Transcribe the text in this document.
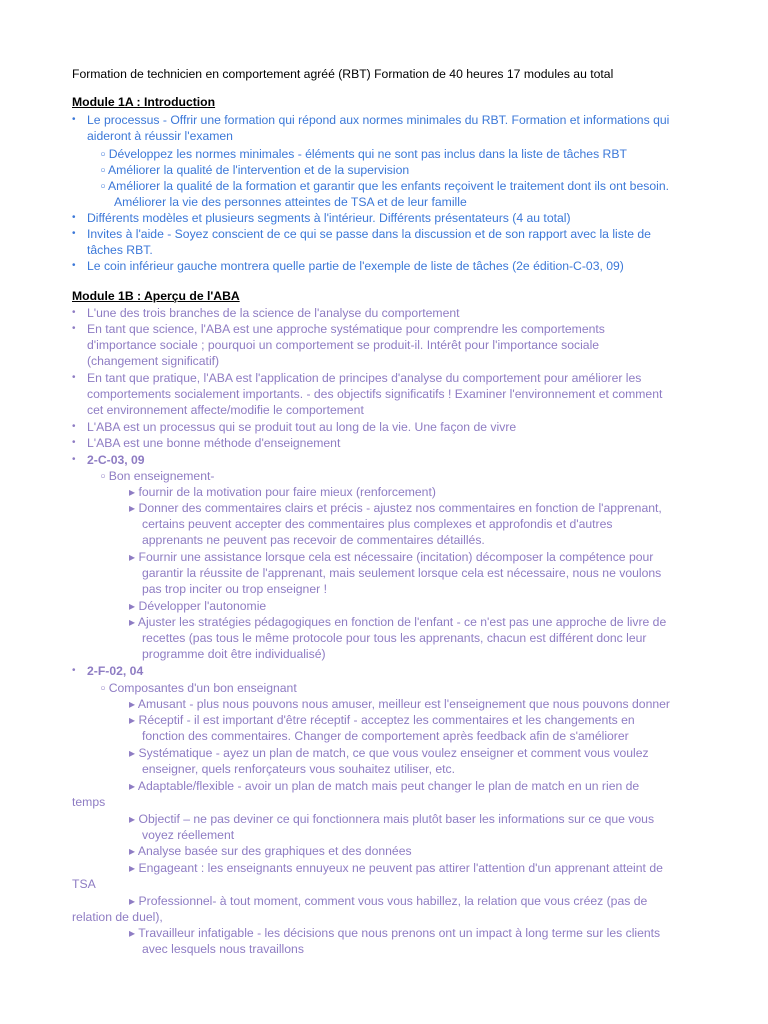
Formation de technicien en comportement agréé (RBT) Formation de 40 heures 17 modules au total
Module 1A : Introduction
• Le processus - Offrir une formation qui répond aux normes minimales du RBT. Formation et informations qui
aideront à réussir l'examen
▫ Développez les normes minimales - éléments qui ne sont pas inclus dans la liste de tâches RBT
▫ Améliorer la qualité de l'intervention et de la supervision
▫ Améliorer la qualité de la formation et garantir que les enfants reçoivent le traitement dont ils ont besoin.
Améliorer la vie des personnes atteintes de TSA et de leur famille
• Différents modèles et plusieurs segments à l'intérieur. Différents présentateurs (4 au total)
• Invites à l'aide - Soyez conscient de ce qui se passe dans la discussion et de son rapport avec la liste de
tâches RBT.
• Le coin inférieur gauche montrera quelle partie de l'exemple de liste de tâches (2e édition-C-03, 09)
Module 1B : Aperçu de l'ABA
• L'une des trois branches de la science de l'analyse du comportement
• En tant que science, l'ABA est une approche systématique pour comprendre les comportements
d'importance sociale ; pourquoi un comportement se produit-il. Intérêt pour l'importance sociale
(changement significatif)
• En tant que pratique, l'ABA est l'application de principes d'analyse du comportement pour améliorer les
comportements socialement importants. - des objectifs significatifs ! Examiner l'environnement et comment
cet environnement affecte/modifie le comportement
• L'ABA est un processus qui se produit tout au long de la vie. Une façon de vivre
• L'ABA est une bonne méthode d'enseignement
• 2-C-03, 09
▫ Bon enseignement-
▸ fournir de la motivation pour faire mieux (renforcement)
▸ Donner des commentaires clairs et précis - ajustez nos commentaires en fonction de l'apprenant,
certains peuvent accepter des commentaires plus complexes et approfondis et d'autres
apprenants ne peuvent pas recevoir de commentaires détaillés.
▸ Fournir une assistance lorsque cela est nécessaire (incitation) décomposer la compétence pour
garantir la réussite de l'apprenant, mais seulement lorsque cela est nécessaire, nous ne voulons
pas trop inciter ou trop enseigner !
▸ Développer l'autonomie
▸ Ajuster les stratégies pédagogiques en fonction de l'enfant - ce n'est pas une approche de livre de
recettes (pas tous le même protocole pour tous les apprenants, chacun est différent donc leur
programme doit être individualisé)
• 2-F-02, 04
▫ Composantes d'un bon enseignant
▸ Amusant - plus nous pouvons nous amuser, meilleur est l'enseignement que nous pouvons donner
▸ Réceptif - il est important d'être réceptif - acceptez les commentaires et les changements en
fonction des commentaires. Changer de comportement après feedback afin de s'améliorer
▸ Systématique - ayez un plan de match, ce que vous voulez enseigner et comment vous voulez
enseigner, quels renforçateurs vous souhaitez utiliser, etc.
▸ Adaptable/flexible - avoir un plan de match mais peut changer le plan de match en un rien de
temps
▸ Objectif – ne pas deviner ce qui fonctionnera mais plutôt baser les informations sur ce que vous
voyez réellement
▸ Analyse basée sur des graphiques et des données
▸ Engageant : les enseignants ennuyeux ne peuvent pas attirer l'attention d'un apprenant atteint de
TSA
▸ Professionnel- à tout moment, comment vous vous habillez, la relation que vous créez (pas de
relation de duel),
▸ Travailleur infatigable - les décisions que nous prenons ont un impact à long terme sur les clients
avec lesquels nous travaillons
